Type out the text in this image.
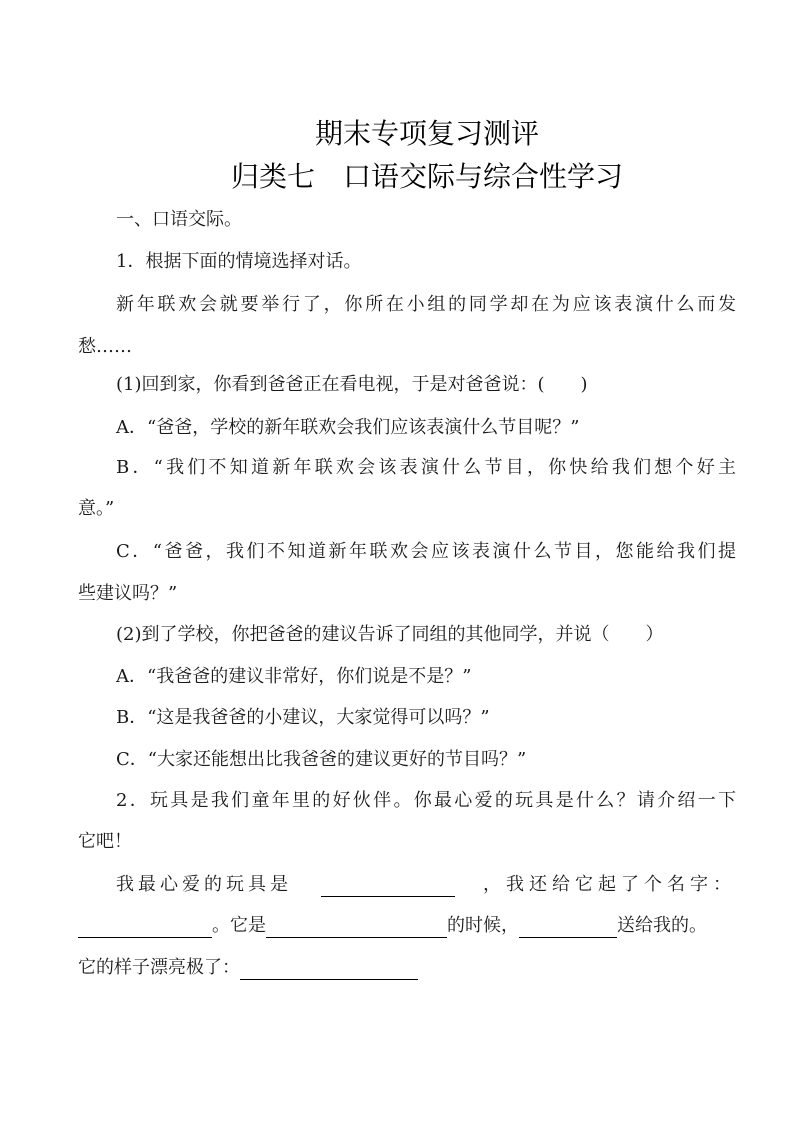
期末专项复习测评
归类七　口语交际与综合性学习
一、口语交际。
1．根据下面的情境选择对话。
新年联欢会就要举行了，你所在小组的同学却在为应该表演什么而发
愁……
(1)回到家，你看到爸爸正在看电视，于是对爸爸说：(　　)
A．“爸爸，学校的新年联欢会我们应该表演什么节目呢？”
B．“我们不知道新年联欢会该表演什么节目，你快给我们想个好主
意。”
C．“爸爸，我们不知道新年联欢会应该表演什么节目，您能给我们提
些建议吗？”
(2)到了学校，你把爸爸的建议告诉了同组的其他同学，并说（　　）
A．“我爸爸的建议非常好，你们说是不是？”
B．“这是我爸爸的小建议，大家觉得可以吗？”
C．“大家还能想出比我爸爸的建议更好的节目吗？”
2．玩具是我们童年里的好伙伴。你最心爱的玩具是什么？请介绍一下
它吧！
我最心爱的玩具是	，我还给它起了个名字：
。它是	的时候，	送给我的。
它的样子漂亮极了：
